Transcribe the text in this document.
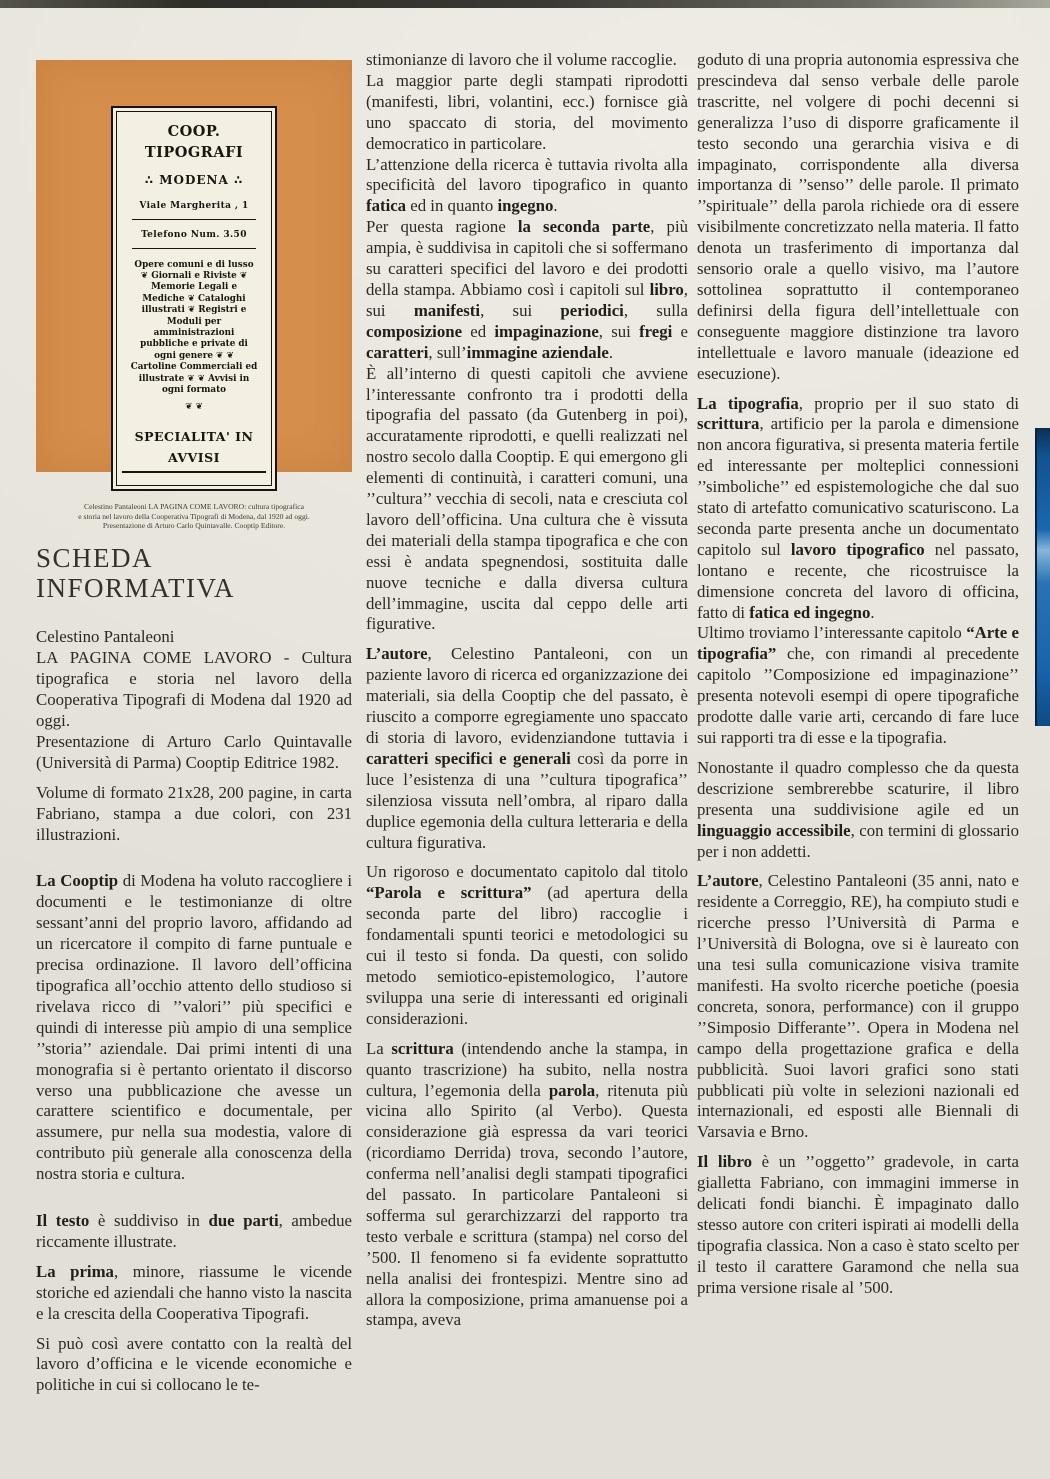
COOP. TIPOGRAFI
∴ MODENA ∴
Viale Margherita , 1
Telefono Num. 3.50
Opere comuni e di lusso ❦ Giornali e Riviste ❦ Memorie Legali e Mediche ❦ Cataloghi illustrati ❦ Registri e Moduli per amministrazioni pubbliche e private di ogni genere ❦ ❦ Cartoline Commerciali ed illustrate ❦ ❦ Avvisi in ogni formato
❦ ❦
SPECIALITA' IN AVVISI
Celestino Pantaleoni LA PAGINA COME LAVORO: cultura tipografica
e storia nel lavoro della Cooperativa Tipografi di Modena, dal 1920 ad oggi.
Presentazione di Arturo Carlo Quintavalle. Cooptip Editore.
SCHEDA INFORMATIVA

Celestino Pantaleoni

LA PAGINA COME LAVORO - Cultura tipografica e storia nel lavoro della Cooperativa Tipografi di Modena dal 1920 ad oggi.

Presentazione di Arturo Carlo Quintavalle (Università di Parma) Cooptip Editrice 1982.

Volume di formato 21x28, 200 pagine, in carta Fabriano, stampa a due colori, con 231 illustrazioni.

La Cooptip di Modena ha voluto raccogliere i documenti e le testimonianze di oltre sessant’anni del proprio lavoro, affidando ad un ricercatore il compito di farne puntuale e precisa ordinazione. Il lavoro dell’officina tipografica all’occhio attento dello studioso si rivelava ricco di ’’valori’’ più specifici e quindi di interesse più ampio di una semplice ’’storia’’ aziendale. Dai primi intenti di una monografia si è pertanto orientato il discorso verso una pubblicazione che avesse un carattere scientifico e documentale, per assumere, pur nella sua modestia, valore di contributo più generale alla conoscenza della nostra storia e cultura.

Il testo è suddiviso in due parti, ambedue riccamente illustrate.

La prima, minore, riassume le vicende storiche ed aziendali che hanno visto la nascita e la crescita della Cooperativa Tipografi.

Si può così avere contatto con la realtà del lavoro d’officina e le vicende economiche e politiche in cui si collocano le te-

stimonianze di lavoro che il volume raccoglie.

La maggior parte degli stampati riprodotti (manifesti, libri, volantini, ecc.) fornisce già uno spaccato di storia, del movimento democratico in particolare.

L’attenzione della ricerca è tuttavia rivolta alla specificità del lavoro tipografico in quanto fatica ed in quanto ingegno.

Per questa ragione la seconda parte, più ampia, è suddivisa in capitoli che si soffermano su caratteri specifici del lavoro e dei prodotti della stampa. Abbiamo così i capitoli sul libro, sui manifesti, sui periodici, sulla composizione ed impaginazione, sui fregi e caratteri, sull’immagine aziendale.

È all’interno di questi capitoli che avviene l’interessante confronto tra i prodotti della tipografia del passato (da Gutenberg in poi), accuratamente riprodotti, e quelli realizzati nel nostro secolo dalla Cooptip. E qui emergono gli elementi di continuità, i caratteri comuni, una ’’cultura’’ vecchia di secoli, nata e cresciuta col lavoro dell’officina. Una cultura che è vissuta dei materiali della stampa tipografica e che con essi è andata spegnendosi, sostituita dalle nuove tecniche e dalla diversa cultura dell’immagine, uscita dal ceppo delle arti figurative.

L’autore, Celestino Pantaleoni, con un paziente lavoro di ricerca ed organizzazione dei materiali, sia della Cooptip che del passato, è riuscito a comporre egregiamente uno spaccato di storia di lavoro, evidenziandone tuttavia i caratteri specifici e generali così da porre in luce l’esistenza di una ’’cultura tipografica’’ silenziosa vissuta nell’ombra, al riparo dalla duplice egemonia della cultura letteraria e della cultura figurativa.

Un rigoroso e documentato capitolo dal titolo “Parola e scrittura” (ad apertura della seconda parte del libro) raccoglie i fondamentali spunti teorici e metodologici su cui il testo si fonda. Da questi, con solido metodo semiotico-epistemologico, l’autore sviluppa una serie di interessanti ed originali considerazioni.

La scrittura (intendendo anche la stampa, in quanto trascrizione) ha subito, nella nostra cultura, l’egemonia della parola, ritenuta più vicina allo Spirito (al Verbo). Questa considerazione già espressa da vari teorici (ricordiamo Derrida) trova, secondo l’autore, conferma nell’analisi degli stampati tipografici del passato. In particolare Pantaleoni si sofferma sul gerarchizzarzi del rapporto tra testo verbale e scrittura (stampa) nel corso del ’500. Il fenomeno si fa evidente soprattutto nella analisi dei frontespizi. Mentre sino ad allora la composizione, prima amanuense poi a stampa, aveva

goduto di una propria autonomia espressiva che prescindeva dal senso verbale delle parole trascritte, nel volgere di pochi decenni si generalizza l’uso di disporre graficamente il testo secondo una gerarchia visiva e di impaginato, corrispondente alla diversa importanza di ’’senso’’ delle parole. Il primato ’’spirituale’’ della parola richiede ora di essere visibilmente concretizzato nella materia. Il fatto denota un trasferimento di importanza dal sensorio orale a quello visivo, ma l’autore sottolinea soprattutto il contemporaneo definirsi della figura dell’intellettuale con conseguente maggiore distinzione tra lavoro intellettuale e lavoro manuale (ideazione ed esecuzione).

La tipografia, proprio per il suo stato di scrittura, artificio per la parola e dimensione non ancora figurativa, si presenta materia fertile ed interessante per molteplici connessioni ’’simboliche’’ ed espistemologiche che dal suo stato di artefatto comunicativo scaturiscono. La seconda parte presenta anche un documentato capitolo sul lavoro tipografico nel passato, lontano e recente, che ricostruisce la dimensione concreta del lavoro di officina, fatto di fatica ed ingegno.

Ultimo troviamo l’interessante capitolo “Arte e tipografia” che, con rimandi al precedente capitolo ’’Composizione ed impaginazione’’ presenta notevoli esempi di opere tipografiche prodotte dalle varie arti, cercando di fare luce sui rapporti tra di esse e la tipografia.

Nonostante il quadro complesso che da questa descrizione sembrerebbe scaturire, il libro presenta una suddivisione agile ed un linguaggio accessibile, con termini di glossario per i non addetti.

L’autore, Celestino Pantaleoni (35 anni, nato e residente a Correggio, RE), ha compiuto studi e ricerche presso l’Università di Parma e l’Università di Bologna, ove si è laureato con una tesi sulla comunicazione visiva tramite manifesti. Ha svolto ricerche poetiche (poesia concreta, sonora, performance) con il gruppo ’’Simposio Differante’’. Opera in Modena nel campo della progettazione grafica e della pubblicità. Suoi lavori grafici sono stati pubblicati più volte in selezioni nazionali ed internazionali, ed esposti alle Biennali di Varsavia e Brno.

Il libro è un ’’oggetto’’ gradevole, in carta gialletta Fabriano, con immagini immerse in delicati fondi bianchi. È impaginato dallo stesso autore con criteri ispirati ai modelli della tipografia classica. Non a caso è stato scelto per il testo il carattere Garamond che nella sua prima versione risale al ’500.
